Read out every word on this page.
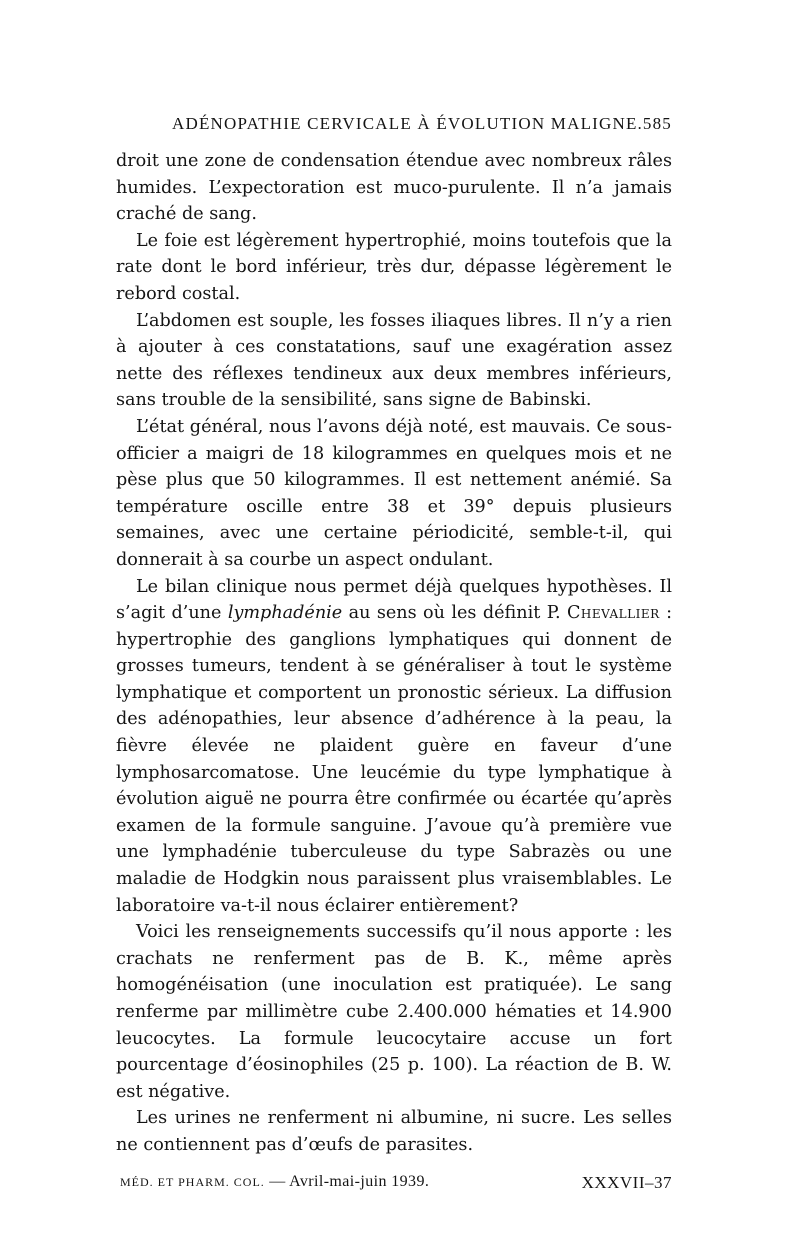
ADÉNOPATHIE CERVICALE À ÉVOLUTION MALIGNE. 585

droit une zone de condensation étendue avec nombreux râles humides. L’expectoration est muco-purulente. Il n’a jamais craché de sang.

Le foie est légèrement hypertrophié, moins toutefois que la rate dont le bord inférieur, très dur, dépasse légèrement le rebord costal.

L’abdomen est souple, les fosses iliaques libres. Il n’y a rien à ajouter à ces constatations, sauf une exagération assez nette des réflexes tendineux aux deux membres inférieurs, sans trouble de la sensibilité, sans signe de Babinski.

L’état général, nous l’avons déjà noté, est mauvais. Ce sous-officier a maigri de 18 kilogrammes en quelques mois et ne pèse plus que 50 kilogrammes. Il est nettement anémié. Sa température oscille entre 38 et 39° depuis plusieurs semaines, avec une certaine périodicité, semble-t-il, qui donnerait à sa courbe un aspect ondulant.

Le bilan clinique nous permet déjà quelques hypothèses. Il s’agit d’une lymphadénie au sens où les définit P. Chevallier : hypertrophie des ganglions lymphatiques qui donnent de grosses tumeurs, tendent à se généraliser à tout le système lymphatique et comportent un pronostic sérieux. La diffusion des adénopathies, leur absence d’adhérence à la peau, la fièvre élevée ne plaident guère en faveur d’une lymphosarcomatose. Une leucémie du type lymphatique à évolution aiguë ne pourra être confirmée ou écartée qu’après examen de la formule sanguine. J’avoue qu’à première vue une lymphadénie tuberculeuse du type Sabrazès ou une maladie de Hodgkin nous paraissent plus vraisemblables. Le laboratoire va-t-il nous éclairer entièrement?

Voici les renseignements successifs qu’il nous apporte : les crachats ne renferment pas de B. K., même après homogénéisation (une inoculation est pratiquée). Le sang renferme par millimètre cube 2.400.000 hématies et 14.900 leucocytes. La formule leucocytaire accuse un fort pourcentage d’éosinophiles (25 p. 100). La réaction de B. W. est négative.

Les urines ne renferment ni albumine, ni sucre. Les selles ne contiennent pas d’œufs de parasites.

MÉD. ET PHARM. COL. — Avril-mai-juin 1939.	XXXVII–37
